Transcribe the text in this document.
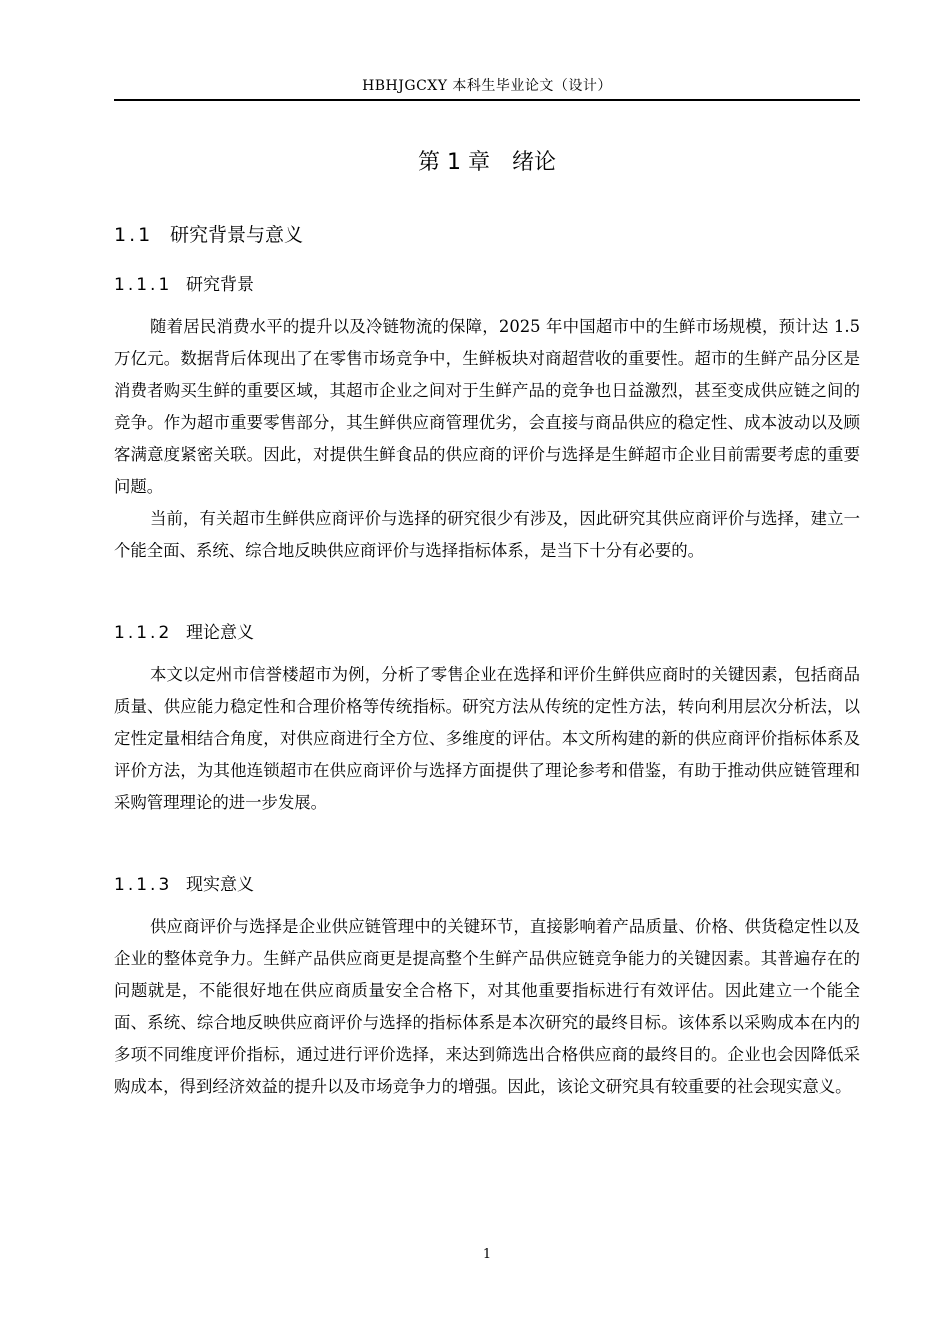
HBHJGCXY 本科生毕业论文（设计）
第 1 章 绪论
1.1 研究背景与意义
1.1.1 研究背景

随着居民消费水平的提升以及冷链物流的保障，2025 年中国超市中的生鲜市场规模，预计达 1.5 万亿元。数据背后体现出了在零售市场竞争中，生鲜板块对商超营收的重要性。超市的生鲜产品分区是消费者购买生鲜的重要区域，其超市企业之间对于生鲜产品的竞争也日益激烈，甚至变成供应链之间的竞争。作为超市重要零售部分，其生鲜供应商管理优劣，会直接与商品供应的稳定性、成本波动以及顾客满意度紧密关联。因此，对提供生鲜食品的供应商的评价与选择是生鲜超市企业目前需要考虑的重要问题。

当前，有关超市生鲜供应商评价与选择的研究很少有涉及，因此研究其供应商评价与选择，建立一个能全面、系统、综合地反映供应商评价与选择指标体系，是当下十分有必要的。

1.1.2 理论意义

本文以定州市信誉楼超市为例，分析了零售企业在选择和评价生鲜供应商时的关键因素，包括商品质量、供应能力稳定性和合理价格等传统指标。研究方法从传统的定性方法，转向利用层次分析法，以定性定量相结合角度，对供应商进行全方位、多维度的评估。本文所构建的新的供应商评价指标体系及评价方法，为其他连锁超市在供应商评价与选择方面提供了理论参考和借鉴，有助于推动供应链管理和采购管理理论的进一步发展。

1.1.3 现实意义

供应商评价与选择是企业供应链管理中的关键环节，直接影响着产品质量、价格、供货稳定性以及企业的整体竞争力。生鲜产品供应商更是提高整个生鲜产品供应链竞争能力的关键因素。其普遍存在的问题就是，不能很好地在供应商质量安全合格下，对其他重要指标进行有效评估。因此建立一个能全面、系统、综合地反映供应商评价与选择的指标体系是本次研究的最终目标。该体系以采购成本在内的多项不同维度评价指标，通过进行评价选择，来达到筛选出合格供应商的最终目的。企业也会因降低采购成本，得到经济效益的提升以及市场竞争力的增强。因此，该论文研究具有较重要的社会现实意义。

1
